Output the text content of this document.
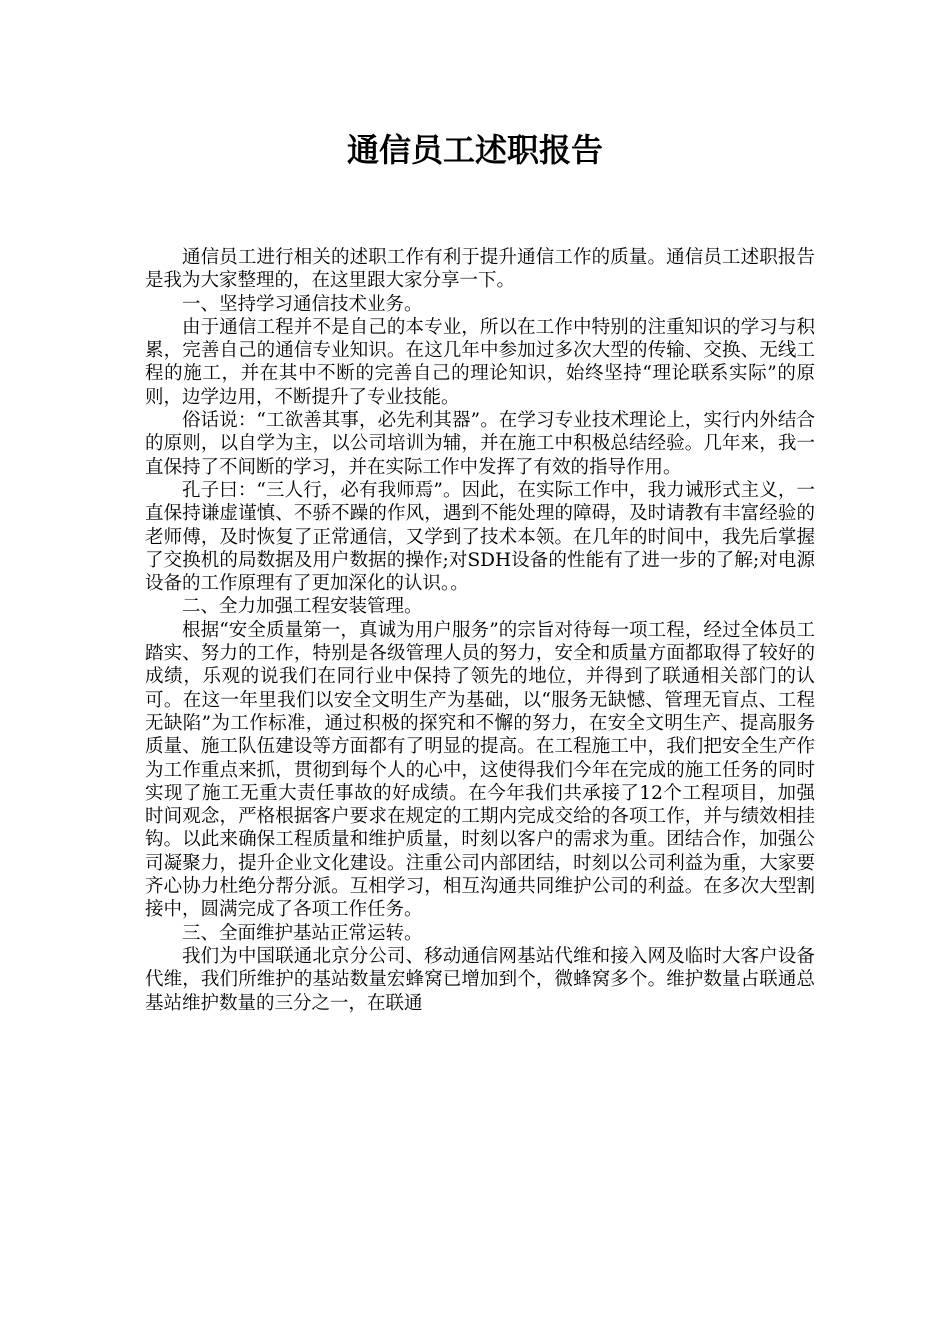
通信员工述职报告

通信员工进行相关的述职工作有利于提升通信工作的质量。通信员工述职报告是我为大家整理的，在这里跟大家分享一下。

一、坚持学习通信技术业务。

由于通信工程并不是自己的本专业，所以在工作中特别的注重知识的学习与积累，完善自己的通信专业知识。在这几年中参加过多次大型的传输、交换、无线工程的施工，并在其中不断的完善自己的理论知识，始终坚持“理论联系实际”的原则，边学边用，不断提升了专业技能。

俗话说：“工欲善其事，必先利其器”。在学习专业技术理论上，实行内外结合的原则，以自学为主，以公司培训为辅，并在施工中积极总结经验。几年来，我一直保持了不间断的学习，并在实际工作中发挥了有效的指导作用。

孔子曰：“三人行，必有我师焉”。因此，在实际工作中，我力诫形式主义，一直保持谦虚谨慎、不骄不躁的作风，遇到不能处理的障碍，及时请教有丰富经验的老师傅，及时恢复了正常通信，又学到了技术本领。在几年的时间中，我先后掌握了交换机的局数据及用户数据的操作;对SDH设备的性能有了进一步的了解;对电源设备的工作原理有了更加深化的认识。。

二、全力加强工程安装管理。

根据“安全质量第一，真诚为用户服务”的宗旨对待每一项工程，经过全体员工踏实、努力的工作，特别是各级管理人员的努力，安全和质量方面都取得了较好的成绩，乐观的说我们在同行业中保持了领先的地位，并得到了联通相关部门的认可。在这一年里我们以安全文明生产为基础，以“服务无缺憾、管理无盲点、工程无缺陷”为工作标准，通过积极的探究和不懈的努力，在安全文明生产、提高服务质量、施工队伍建设等方面都有了明显的提高。在工程施工中，我们把安全生产作为工作重点来抓，贯彻到每个人的心中，这使得我们今年在完成的施工任务的同时实现了施工无重大责任事故的好成绩。在今年我们共承接了12个工程项目，加强时间观念，严格根据客户要求在规定的工期内完成交给的各项工作，并与绩效相挂钩。以此来确保工程质量和维护质量，时刻以客户的需求为重。团结合作，加强公司凝聚力，提升企业文化建设。注重公司内部团结，时刻以公司利益为重，大家要齐心协力杜绝分帮分派。互相学习，相互沟通共同维护公司的利益。在多次大型割接中，圆满完成了各项工作任务。

三、全面维护基站正常运转。

我们为中国联通北京分公司、移动通信网基站代维和接入网及临时大客户设备代维，我们所维护的基站数量宏蜂窝已增加到个，微蜂窝多个。维护数量占联通总基站维护数量的三分之一，在联通
